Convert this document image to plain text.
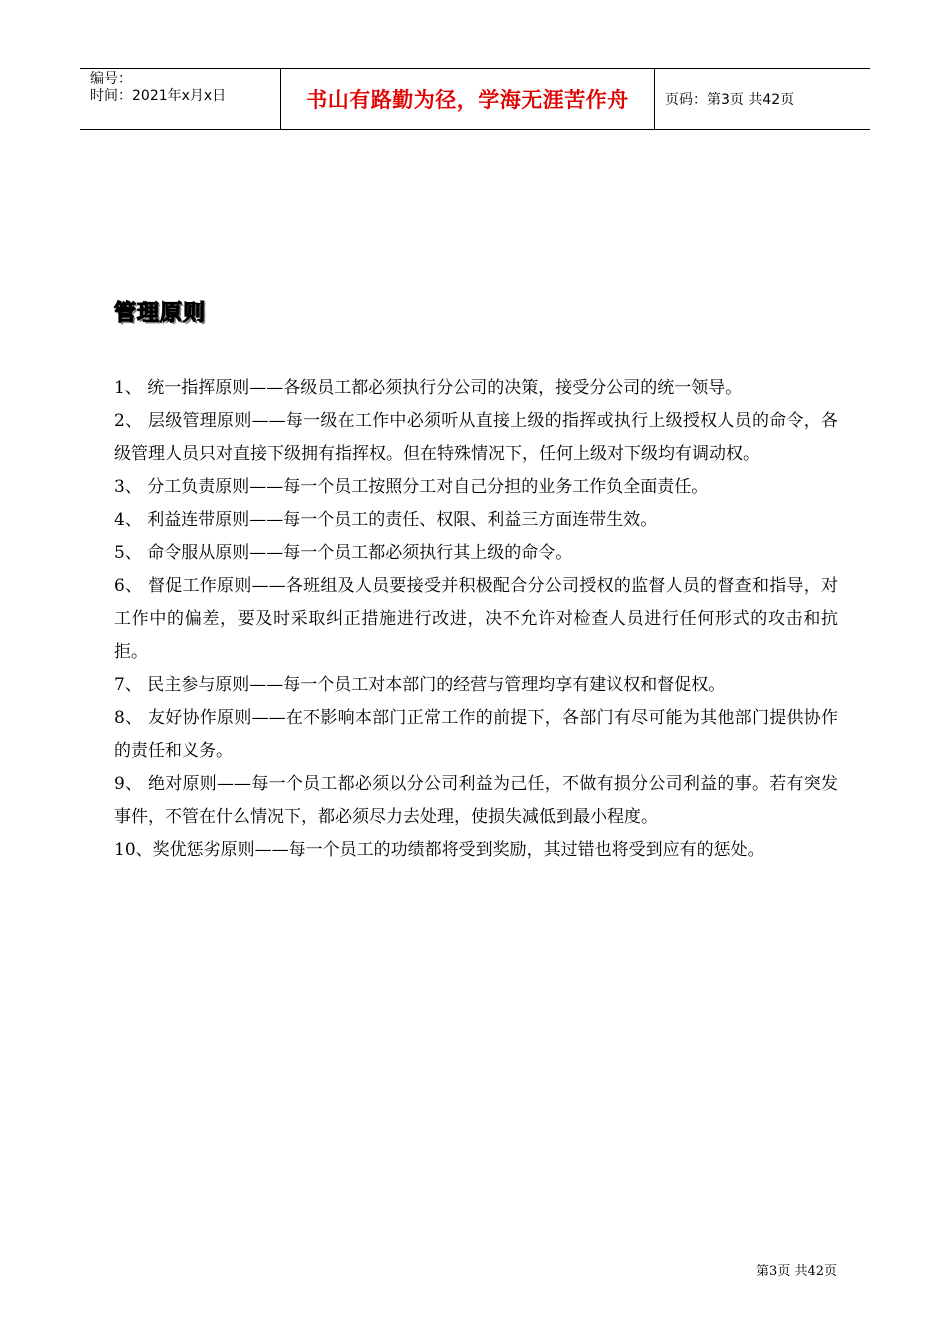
编号：
时间：2021年x月x日	书山有路勤为径，学海无涯苦作舟	页码：第3页 共42页
管理原则

1、 统一指挥原则——各级员工都必须执行分公司的决策，接受分公司的统一领导。

2、 层级管理原则——每一级在工作中必须听从直接上级的指挥或执行上级授权人员的命令，各级管理人员只对直接下级拥有指挥权。但在特殊情况下，任何上级对下级均有调动权。

3、 分工负责原则——每一个员工按照分工对自己分担的业务工作负全面责任。

4、 利益连带原则——每一个员工的责任、权限、利益三方面连带生效。

5、 命令服从原则——每一个员工都必须执行其上级的命令。

6、 督促工作原则——各班组及人员要接受并积极配合分公司授权的监督人员的督查和指导，对工作中的偏差，要及时采取纠正措施进行改进，决不允许对检查人员进行任何形式的攻击和抗拒。

7、 民主参与原则——每一个员工对本部门的经营与管理均享有建议权和督促权。

8、 友好协作原则——在不影响本部门正常工作的前提下，各部门有尽可能为其他部门提供协作的责任和义务。

9、 绝对原则——每一个员工都必须以分公司利益为己任，不做有损分公司利益的事。若有突发事件，不管在什么情况下，都必须尽力去处理，使损失减低到最小程度。

10、奖优惩劣原则——每一个员工的功绩都将受到奖励，其过错也将受到应有的惩处。

第3页 共42页
